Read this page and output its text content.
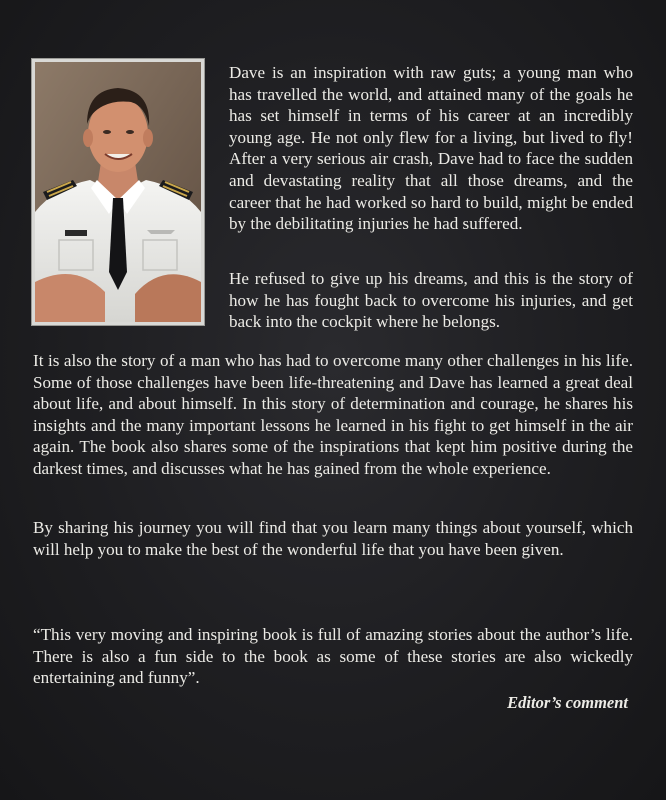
Dave is an inspiration with raw guts; a young man who has travelled the world, and attained many of the goals he has set himself in terms of his career at an incredibly young age. He not only flew for a living, but lived to fly! After a very serious air crash, Dave had to face the sudden and devastating reality that all those dreams, and the career that he had worked so hard to build, might be ended by the debilitating injuries he had suffered.

He refused to give up his dreams, and this is the story of how he has fought back to overcome his injuries, and get back into the cockpit where he belongs.

It is also the story of a man who has had to overcome many other challenges in his life. Some of those challenges have been life-threatening and Dave has learned a great deal about life, and about himself. In this story of determination and courage, he shares his insights and the many important lessons he learned in his fight to get himself in the air again. The book also shares some of the inspirations that kept him positive during the darkest times, and discusses what he has gained from the whole experience.

By sharing his journey you will find that you learn many things about yourself, which will help you to make the best of the wonderful life that you have been given.

“This very moving and inspiring book is full of amazing stories about the author’s life. There is also a fun side to the book as some of these stories are also wickedly entertaining and funny”.

Editor’s comment
